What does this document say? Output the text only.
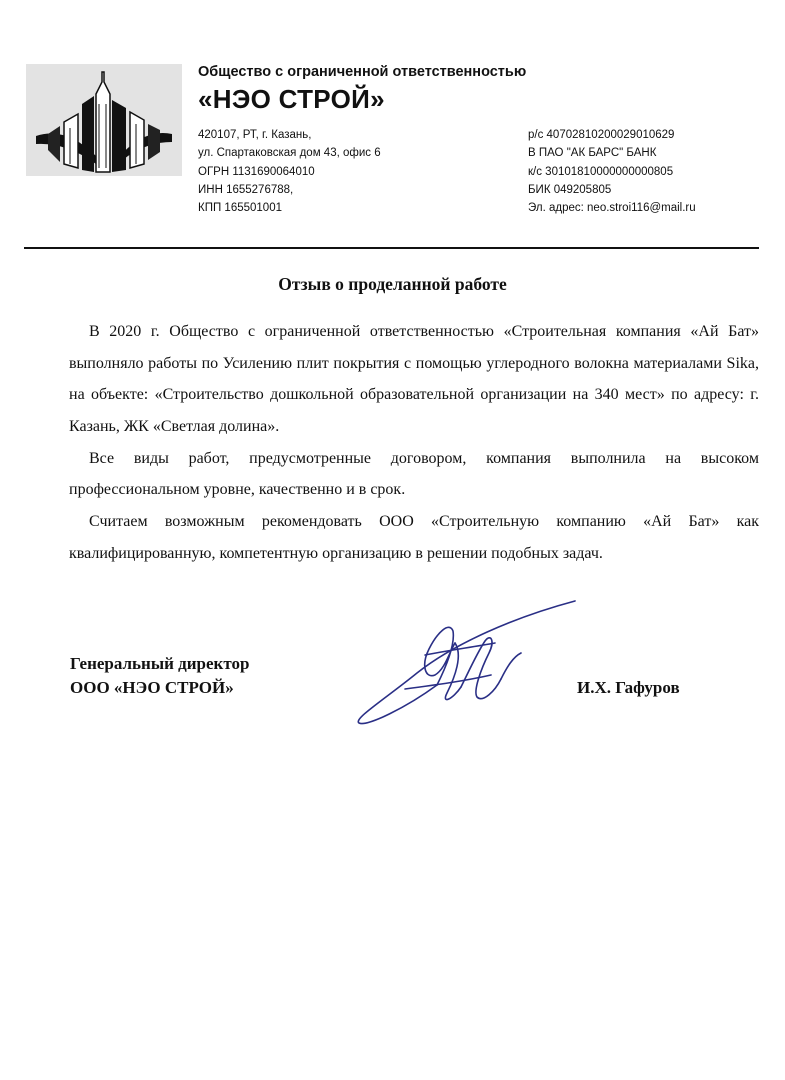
Общество с ограниченной ответственностью
«НЭО СТРОЙ»
420107, РТ, г. Казань,
ул. Спартаковская дом 43, офис 6
ОГРН 1131690064010
ИНН 1655276788,
КПП 165501001
р/с 40702810200029010629
В ПАО "АК БАРС" БАНК
к/с 30101810000000000805
БИК 049205805
Эл. адрес: neo.stroi116@mail.ru
Отзыв о проделанной работе

В 2020 г. Общество с ограниченной ответственностью «Строительная компания «Ай Бат» выполняло работы по Усилению плит покрытия с помощью углеродного волокна материалами Sika, на объекте: «Строительство дошкольной образовательной организации на 340 мест» по адресу: г. Казань, ЖК «Светлая долина».

Все виды работ, предусмотренные договором, компания выполнила на высоком профессиональном уровне, качественно и в срок.

Считаем возможным рекомендовать ООО «Строительную компанию «Ай Бат» как квалифицированную, компетентную организацию в решении подобных задач.

Генеральный директор
ООО «НЭО СТРОЙ»	И.Х. Гафуров
